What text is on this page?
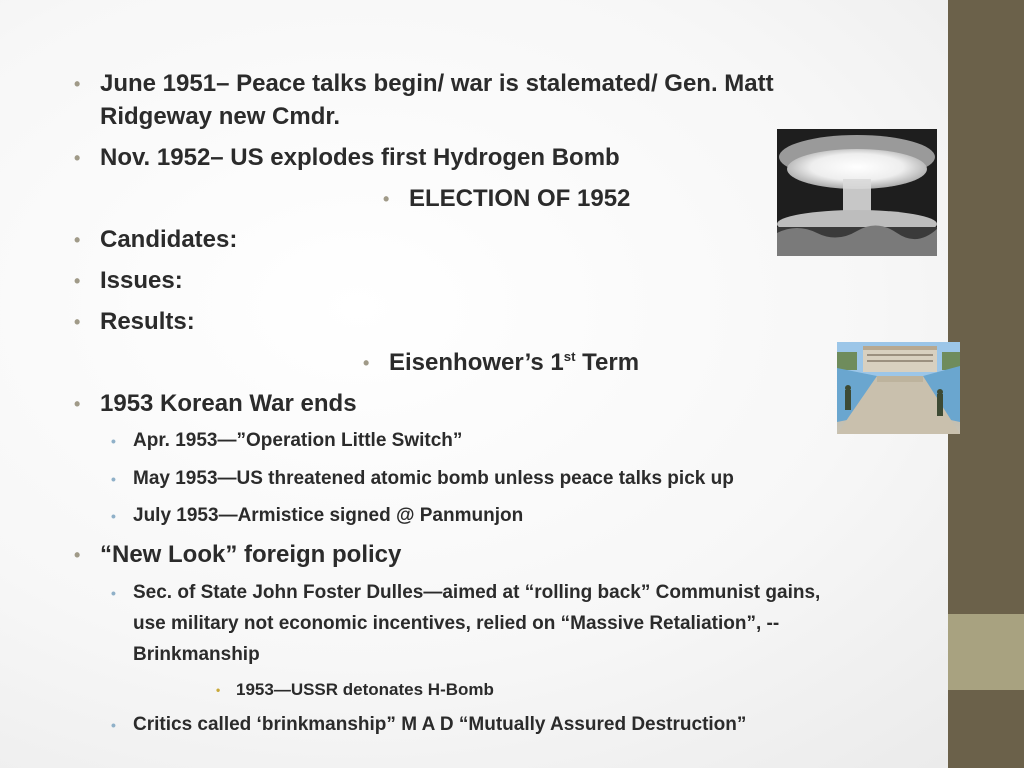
• June 1951– Peace talks begin/ war is stalemated/ Gen. Matt
Ridgeway new Cmdr.
• Nov. 1952– US explodes first Hydrogen Bomb
• ELECTION OF 1952
• Candidates:
• Issues:
• Results:
• Eisenhower’s 1st Term
• 1953 Korean War ends
• Apr. 1953—”Operation Little Switch”
• May 1953—US threatened atomic bomb unless peace talks pick up
• July 1953—Armistice signed @ Panmunjon
• “New Look” foreign policy
• Sec. of State John Foster Dulles—aimed at “rolling back” Communist gains,
use military not economic incentives, relied on “Massive Retaliation”, --
Brinkmanship
• 1953—USSR detonates H-Bomb
• Critics called ‘brinkmanship” M A D “Mutually Assured Destruction”
